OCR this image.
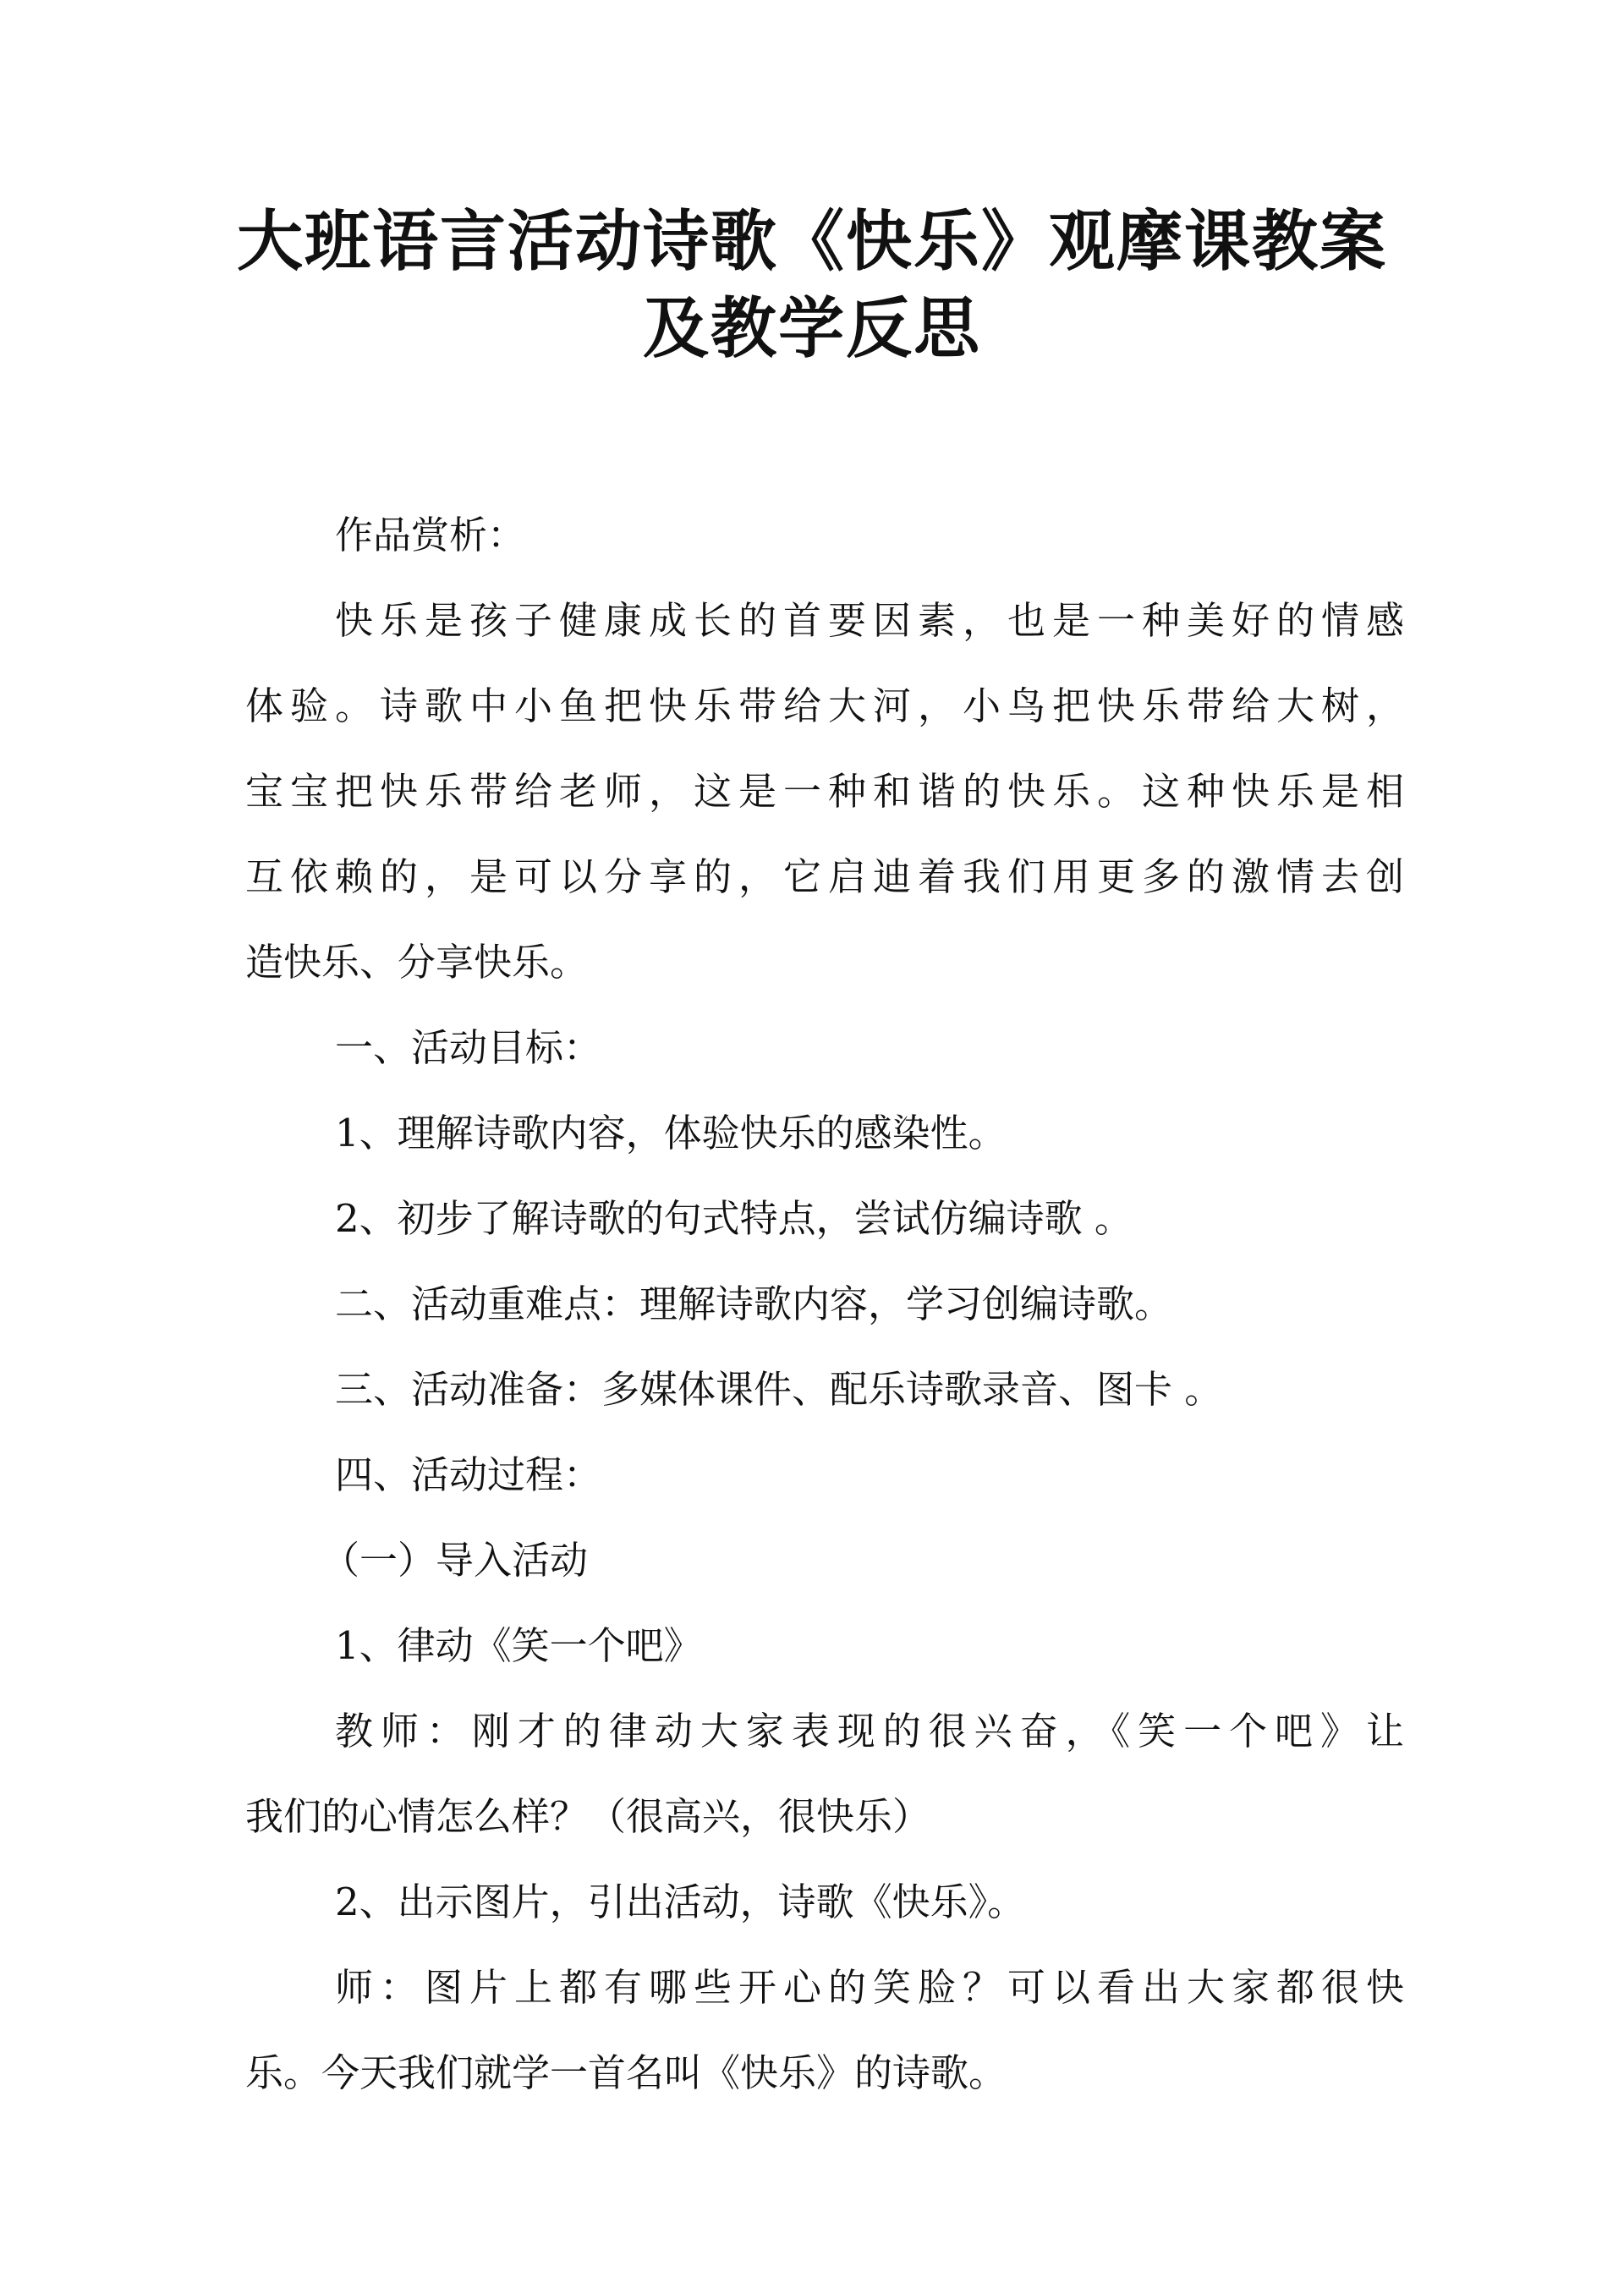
大班语言活动诗歌《快乐》观摩课教案
及教学反思
作品赏析：
快乐是孩子健康成长的首要因素，也是一种美好的情感
体验。诗歌中小鱼把快乐带给大河，小鸟把快乐带给大树，
宝宝把快乐带给老师，这是一种和谐的快乐。这种快乐是相
互依赖的，是可以分享的，它启迪着我们用更多的激情去创
造快乐、分享快乐。
一、活动目标：
1、理解诗歌内容，体验快乐的感染性。
2、初步了解诗歌的句式特点，尝试仿编诗歌 。
二、活动重难点：理解诗歌内容，学习创编诗歌。
三、活动准备：多媒体课件、配乐诗歌录音、图卡 。
四、活动过程：
（一）导入活动
1、律动《笑一个吧》
教师：刚才的律动大家表现的很兴奋，《笑一个吧》让
我们的心情怎么样？（很高兴，很快乐）
2、出示图片，引出活动，诗歌《快乐》。
师：图片上都有哪些开心的笑脸？可以看出大家都很快
乐。今天我们就学一首名叫《快乐》的诗歌。
